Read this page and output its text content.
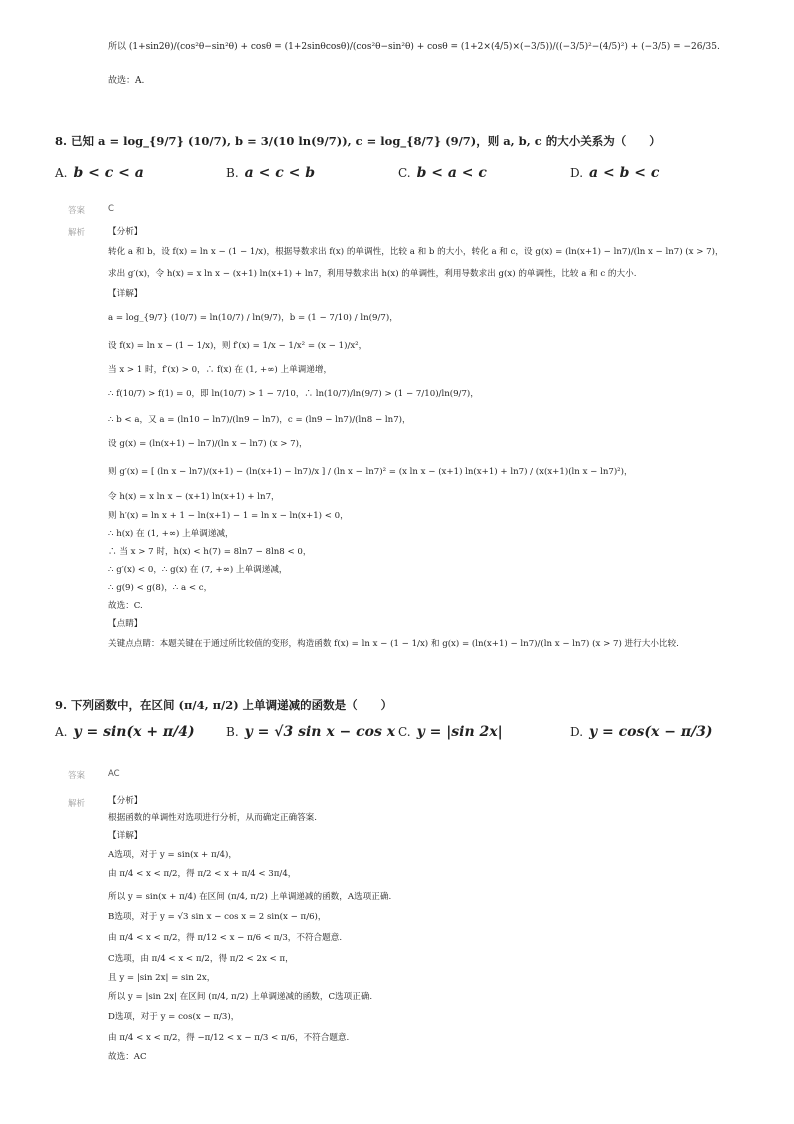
所以 (1+sin2θ)/(cos²θ−sin²θ) + cosθ = (1+2sinθcosθ)/(cos²θ−sin²θ) + cosθ = (1+2×(4/5)×(−3/5))/((−3/5)²−(4/5)²) + (−3/5) = −26/35.
故选：A.
8. 已知 a = log_{9/7} (10/7), b = 3/(10 ln(9/7)), c = log_{8/7} (9/7)，则 a, b, c 的大小关系为（　　）
A. b < c < a	B. a < c < b	C. b < a < c	D. a < b < c
答案	C
解析	【分析】
转化 a 和 b，设 f(x) = ln x − (1 − 1/x)，根据导数求出 f(x) 的单调性，比较 a 和 b 的大小，转化 a 和 c，设 g(x) = (ln(x+1) − ln7)/(ln x − ln7) (x > 7)，
求出 g′(x)，令 h(x) = x ln x − (x+1) ln(x+1) + ln7，利用导数求出 h(x) 的单调性，利用导数求出 g(x) 的单调性，比较 a 和 c 的大小.
【详解】
a = log_{9/7} (10/7) = ln(10/7) / ln(9/7)，b = (1 − 7/10) / ln(9/7)，
设 f(x) = ln x − (1 − 1/x)，则 f′(x) = 1/x − 1/x² = (x − 1)/x²，
当 x > 1 时，f′(x) > 0，∴ f(x) 在 (1, +∞) 上单调递增，
∴ f(10/7) > f(1) = 0，即 ln(10/7) > 1 − 7/10，∴ ln(10/7)/ln(9/7) > (1 − 7/10)/ln(9/7)，
∴ b < a，又 a = (ln10 − ln7)/(ln9 − ln7)，c = (ln9 − ln7)/(ln8 − ln7)，
设 g(x) = (ln(x+1) − ln7)/(ln x − ln7) (x > 7)，
则 g′(x) = [ (ln x − ln7)/(x+1) − (ln(x+1) − ln7)/x ] / (ln x − ln7)² = (x ln x − (x+1) ln(x+1) + ln7) / (x(x+1)(ln x − ln7)²)，
令 h(x) = x ln x − (x+1) ln(x+1) + ln7，
则 h′(x) = ln x + 1 − ln(x+1) − 1 = ln x − ln(x+1) < 0，
∴ h(x) 在 (1, +∞) 上单调递减，
∴ 当 x > 7 时，h(x) < h(7) = 8ln7 − 8ln8 < 0，
∴ g′(x) < 0，∴ g(x) 在 (7, +∞) 上单调递减，
∴ g(9) < g(8)，∴ a < c，
故选：C.
【点睛】
关键点点睛：本题关键在于通过所比较值的变形，构造函数 f(x) = ln x − (1 − 1/x) 和 g(x) = (ln(x+1) − ln7)/(ln x − ln7) (x > 7) 进行大小比较.
9. 下列函数中，在区间 (π/4, π/2) 上单调递减的函数是（　　）
A. y = sin(x + π/4)	B. y = √3 sin x − cos x C. y = |sin 2x|	D. y = cos(x − π/3)
答案	AC
解析	【分析】
根据函数的单调性对选项进行分析，从而确定正确答案.
【详解】
A选项，对于 y = sin(x + π/4)，
由 π/4 < x < π/2，得 π/2 < x + π/4 < 3π/4，
所以 y = sin(x + π/4) 在区间 (π/4, π/2) 上单调递减的函数，A选项正确.
B选项，对于 y = √3 sin x − cos x = 2 sin(x − π/6)，
由 π/4 < x < π/2，得 π/12 < x − π/6 < π/3，不符合题意.
C选项，由 π/4 < x < π/2，得 π/2 < 2x < π，
且 y = |sin 2x| = sin 2x，
所以 y = |sin 2x| 在区间 (π/4, π/2) 上单调递减的函数，C选项正确.
D选项，对于 y = cos(x − π/3)，
由 π/4 < x < π/2，得 −π/12 < x − π/3 < π/6，不符合题意.
故选：AC
